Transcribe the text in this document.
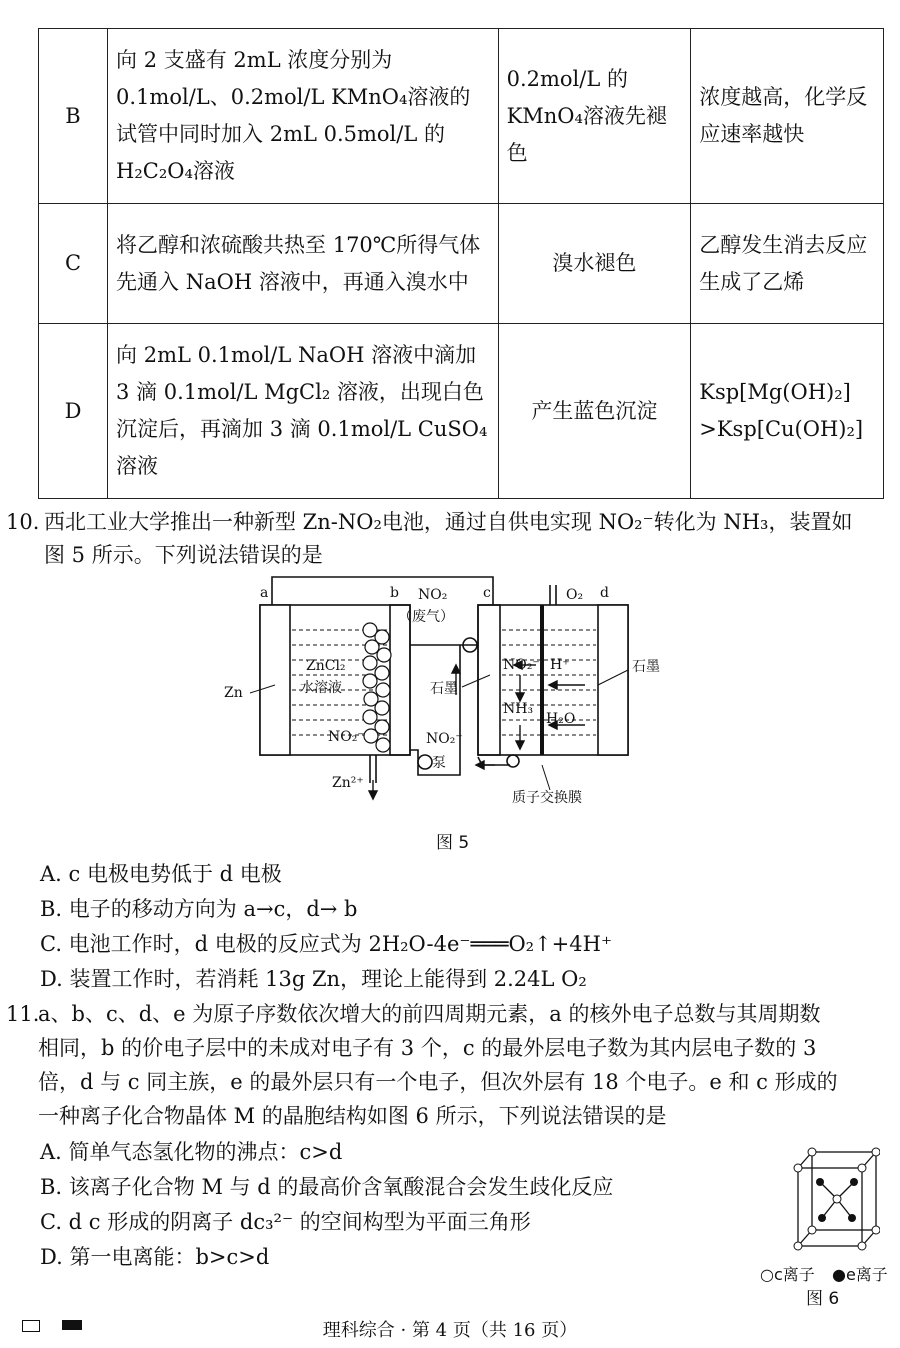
B	向 2 支盛有 2mL 浓度分别为 0.1mol/L、0.2mol/L KMnO₄溶液的试管中同时加入 2mL 0.5mol/L 的 H₂C₂O₄溶液	0.2mol/L 的 KMnO₄溶液先褪色	浓度越高，化学反应速率越快
C	将乙醇和浓硫酸共热至 170℃所得气体先通入 NaOH 溶液中，再通入溴水中	溴水褪色	乙醇发生消去反应生成了乙烯
D	向 2mL 0.1mol/L NaOH 溶液中滴加 3 滴 0.1mol/L MgCl₂ 溶液，出现白色沉淀后，再滴加 3 滴 0.1mol/L CuSO₄ 溶液	产生蓝色沉淀	Ksp[Mg(OH)₂] >Ksp[Cu(OH)₂]
10. 西北工业大学推出一种新型 Zn-NO₂电池，通过自供电实现 NO₂⁻转化为 NH₃，装置如
图 5 所示。下列说法错误的是
a	b	c	d
NO₂
（废气）
O₂
ZnCl₂
水溶液
Zn
NO₂⁻	NO₂⁻
泵
Zn²⁺
石墨
石墨
NO₂⁻ H⁺
NH₃
H₂O
质子交换膜
图 5
A. c 电极电势低于 d 电极
B. 电子的移动方向为 a→c，d→ b
C. 电池工作时，d 电极的反应式为 2H₂O-4e⁻═══O₂↑+4H⁺
D. 装置工作时，若消耗 13g Zn，理论上能得到 2.24L O₂
11.a、b、c、d、e 为原子序数依次增大的前四周期元素，a 的核外电子总数与其周期数
相同，b 的价电子层中的未成对电子有 3 个，c 的最外层电子数为其内层电子数的 3
倍，d 与 c 同主族，e 的最外层只有一个电子，但次外层有 18 个电子。e 和 c 形成的
一种离子化合物晶体 M 的晶胞结构如图 6 所示，下列说法错误的是
A. 简单气态氢化物的沸点：c>d
B. 该离子化合物 M 与 d 的最高价含氧酸混合会发生歧化反应
C. d c 形成的阴离子 dc₃²⁻ 的空间构型为平面三角形
D. 第一电离能：b>c>d
○c离子 ●e离子
图 6
理科综合 · 第 4 页（共 16 页）
